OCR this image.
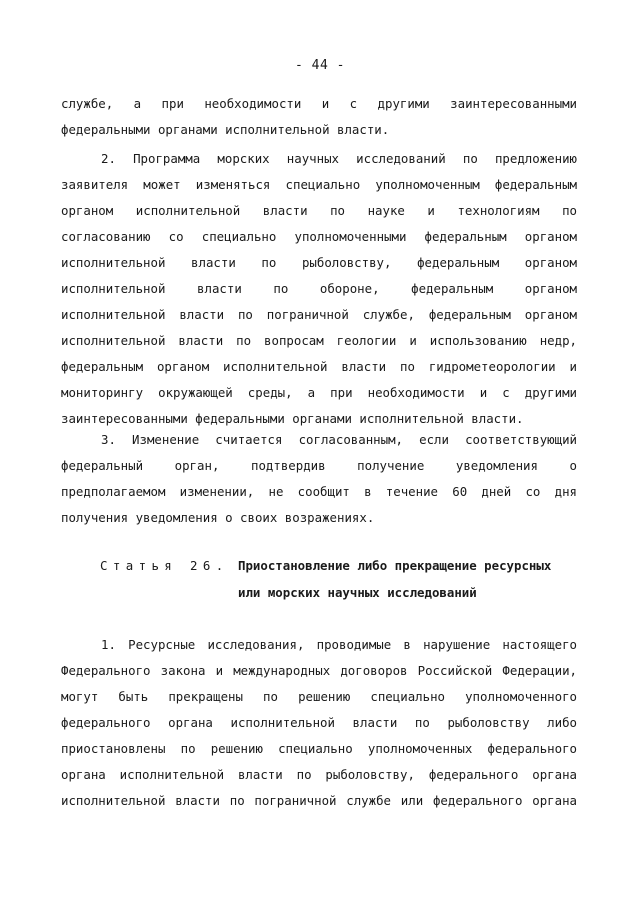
- 44 -
службе, а при необходимости и с другими заинтересованными
федеральными органами исполнительной власти.
2. Программа морских научных исследований по предложению
заявителя может изменяться специально уполномоченным федеральным
органом исполнительной власти по науке и технологиям по
согласованию со специально уполномоченными федеральным органом
исполнительной власти по рыболовству, федеральным органом
исполнительной власти по обороне, федеральным органом
исполнительной власти по пограничной службе, федеральным органом
исполнительной власти по вопросам геологии и использованию недр,
федеральным органом исполнительной власти по гидрометеорологии и
мониторингу окружающей среды, а при необходимости и с другими
заинтересованными федеральными органами исполнительной власти.
3. Изменение считается согласованным, если соответствующий
федеральный орган, подтвердив получение уведомления о
предполагаемом изменении, не сообщит в течение 60 дней со дня
получения уведомления о своих возражениях.
Статья 26. Приостановление либо прекращение ресурсных
или морских научных исследований
1. Ресурсные исследования, проводимые в нарушение настоящего
Федерального закона и международных договоров Российской Федерации,
могут быть прекращены по решению специально уполномоченного
федерального органа исполнительной власти по рыболовству либо
приостановлены по решению специально уполномоченных федерального
органа исполнительной власти по рыболовству, федерального органа
исполнительной власти по пограничной службе или федерального органа
